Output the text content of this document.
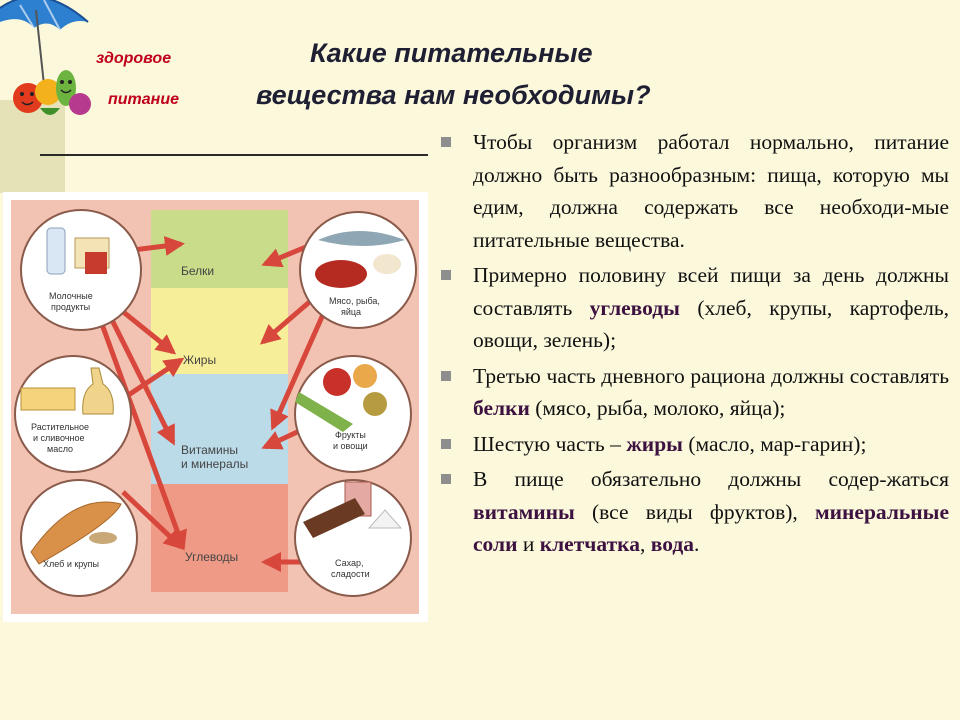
здоровое
питание
Какие питательные
вещества нам необходимы?
Белки
Жиры
Витамины
и минералы
Углеводы
Молочные
продукты
Мясо, рыба,
яйца
Растительное
и сливочное
масло
Фрукты
и овощи
Хлеб и крупы	Сахар,
сладости
Чтобы организм работал нормально, питание должно быть разнообразным: пища, которую мы едим, должна содержать все необходи-мые питательные вещества.
Примерно половину всей пищи за день должны составлять углеводы (хлеб, крупы, картофель, овощи, зелень);
Третью часть дневного рациона должны составлять белки (мясо, рыба, молоко, яйца);
Шестую часть – жиры (масло, мар-гарин);
В пище обязательно должны содер-жаться витамины (все виды фруктов), минеральные соли и клетчатка, вода.
